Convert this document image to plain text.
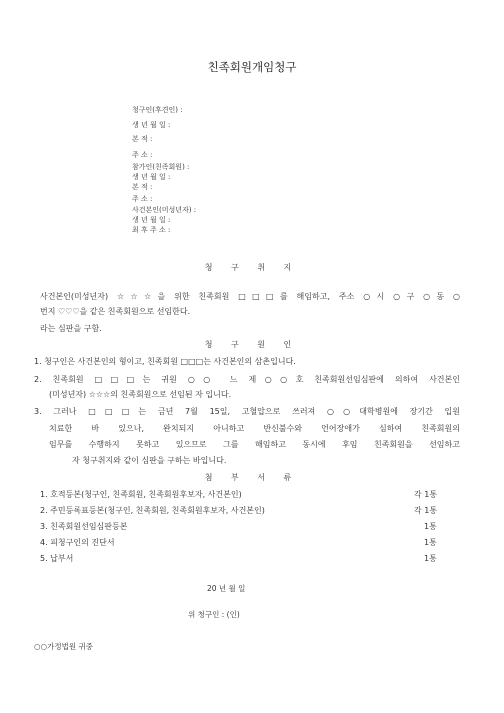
친족회원개임청구
청구인(후견인) :
생 년 월 일 :
본 적 :
주 소 :
참가인(친족회원) :
생 년 월 일 :
본 적 :
주 소 :
사건본인(미성년자) :
생 년 월 일 :
최 후 주 소 :
청 구 취 지
사건본인(미성년자) ☆☆☆을 위한 친족회원 □□□를 해임하고, 주소 ○시 ○구 ○동 ○
번지 ♡♡♡을 같은 친족회원으로 선임한다.
라는 심판을 구함.
청 구 원 인
1. 청구인은 사건본인의 형이고, 친족회원 □□□는 사건본인의 삼촌입니다.
2. 친족회원 □□□는 귀원 ○○ 느 제○○호 친족회원선임심판에 의하여 사건본인
(미성년자) ☆☆☆의 친족회원으로 선임된 자 입니다.
3. 그러나 □□□는 금년 7월 15일, 고혈압으로 쓰러져 ○○대학병원에 장기간 입원
치료한 바 있으나, 완치되지 아니하고 반신불수와 언어장애가 심하여 친족회원의
임무를 수행하지 못하고 있으므로 그를 해임하고 동시에 후임 친족회원을 선임하고
자 청구취지와 같이 심판을 구하는 바입니다.
첨 부 서 류
1. 호적등본(청구인, 친족회원, 친족회원후보자, 사건본인)	각 1통
2. 주민등록표등본(청구인, 친족회원, 친족회원후보자, 사건본인)	각 1통
3. 친족회원선임심판등본	1통
4. 피청구인의 진단서	1통
5. 납부서	1통
20 년 월 일
위 청구인 : (인)
○○가정법원 귀중
